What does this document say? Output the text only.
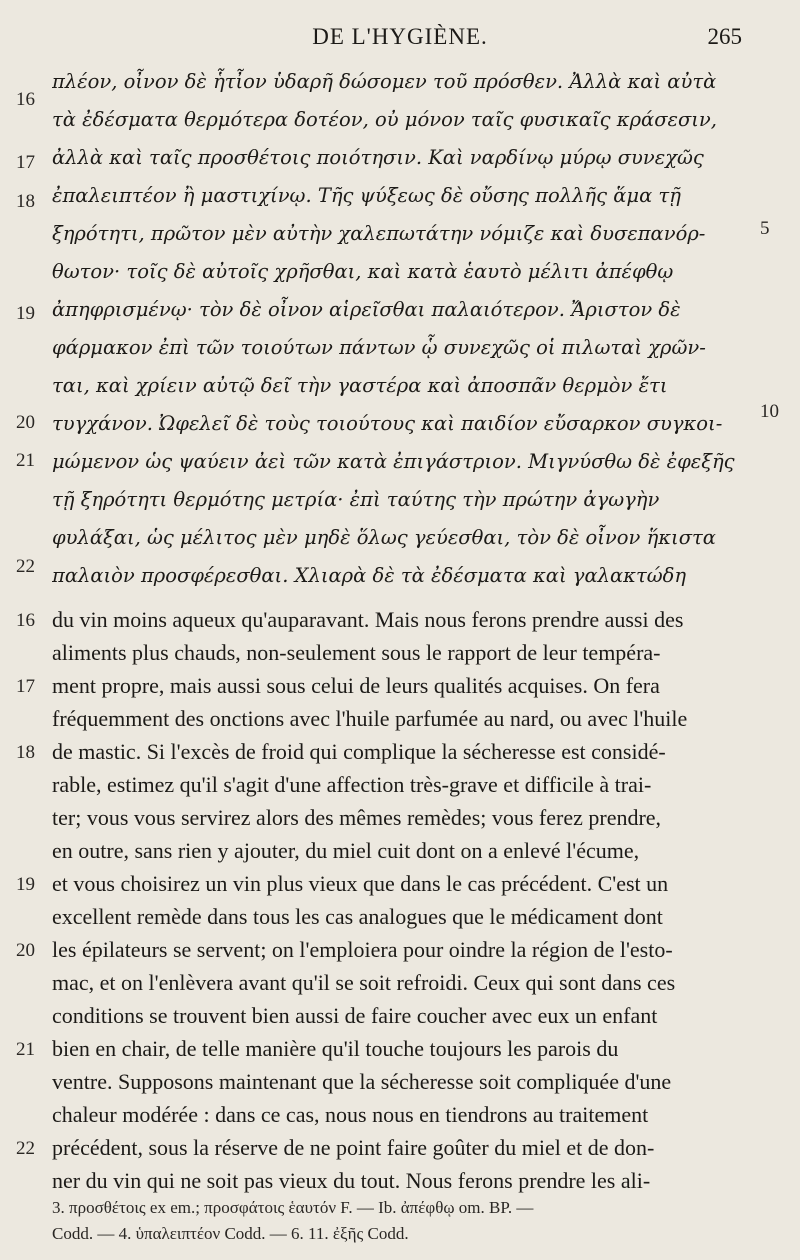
DE L'HYGIÈNE.	265
πλέον, οἶνον δὲ ἧτἶον ὑδαρῆ δώσομεν τοῦ πρόσθεν. Ἀλλὰ καὶ αὐτὰ
τὰ ἐδέσματα θερμότερα δοτέον, οὐ μόνον ταῖς φυσικαῖς κράσεσιν,
ἀλλὰ καὶ ταῖς προσθέτοις ποιότησιν. Καὶ ναρδίνῳ μύρῳ συνεχῶς
ἐπαλειπτέον ἢ μαστιχίνῳ. Τῆς ψύξεως δὲ οὔσης πολλῆς ἅμα τῇ
ξηρότητι, πρῶτον μὲν αὐτὴν χαλεπωτάτην νόμιζε καὶ δυσεπανόρ-
θωτον· τοῖς δὲ αὐτοῖς χρῆσθαι, καὶ κατὰ ἑαυτὸ μέλιτι ἀπέφθῳ
ἀπηφρισμένῳ· τὸν δὲ οἶνον αἱρεῖσθαι παλαιότερον. Ἄριστον δὲ
φάρμακον ἐπὶ τῶν τοιούτων πάντων ᾧ συνεχῶς οἱ πιλωταὶ χρῶν-
ται, καὶ χρίειν αὐτῷ δεῖ τὴν γαστέρα καὶ ἀποσπᾶν θερμὸν ἔτι
τυγχάνον. Ὠφελεῖ δὲ τοὺς τοιούτους καὶ παιδίον εὔσαρκον συγκοι-
μώμενον ὡς ψαύειν ἀεὶ τῶν κατὰ ἐπιγάστριον. Μιγνύσθω δὲ ἐφεξῆς
τῇ ξηρότητι θερμότης μετρία· ἐπὶ ταύτης τὴν πρώτην ἀγωγὴν
φυλάξαι, ὡς μέλιτος μὲν μηδὲ ὅλως γεύεσθαι, τὸν δὲ οἶνον ἥκιστα
παλαιὸν προσφέρεσθαι. Χλιαρὰ δὲ τὰ ἐδέσματα καὶ γαλακτώδη
16
17
18
19
20
21
22
5
10
du vin moins aqueux qu'auparavant. Mais nous ferons prendre aussi des
aliments plus chauds, non-seulement sous le rapport de leur tempéra-
ment propre, mais aussi sous celui de leurs qualités acquises. On fera
fréquemment des onctions avec l'huile parfumée au nard, ou avec l'huile
de mastic. Si l'excès de froid qui complique la sécheresse est considé-
rable, estimez qu'il s'agit d'une affection très-grave et difficile à trai-
ter; vous vous servirez alors des mêmes remèdes; vous ferez prendre,
en outre, sans rien y ajouter, du miel cuit dont on a enlevé l'écume,
et vous choisirez un vin plus vieux que dans le cas précédent. C'est un
excellent remède dans tous les cas analogues que le médicament dont
les épilateurs se servent; on l'emploiera pour oindre la région de l'esto-
mac, et on l'enlèvera avant qu'il se soit refroidi. Ceux qui sont dans ces
conditions se trouvent bien aussi de faire coucher avec eux un enfant
bien en chair, de telle manière qu'il touche toujours les parois du
ventre. Supposons maintenant que la sécheresse soit compliquée d'une
chaleur modérée : dans ce cas, nous nous en tiendrons au traitement
précédent, sous la réserve de ne point faire goûter du miel et de don-
ner du vin qui ne soit pas vieux du tout. Nous ferons prendre les ali-
16
17
18
19
20
21
22
3. προσθέτοις ex em.; προσφάτοις ἑαυτόν F. — Ib. ἀπέφθῳ om. BP. —
Codd. — 4. ὑπαλειπτέον Codd. — 6. 11. ἐξῆς Codd.
